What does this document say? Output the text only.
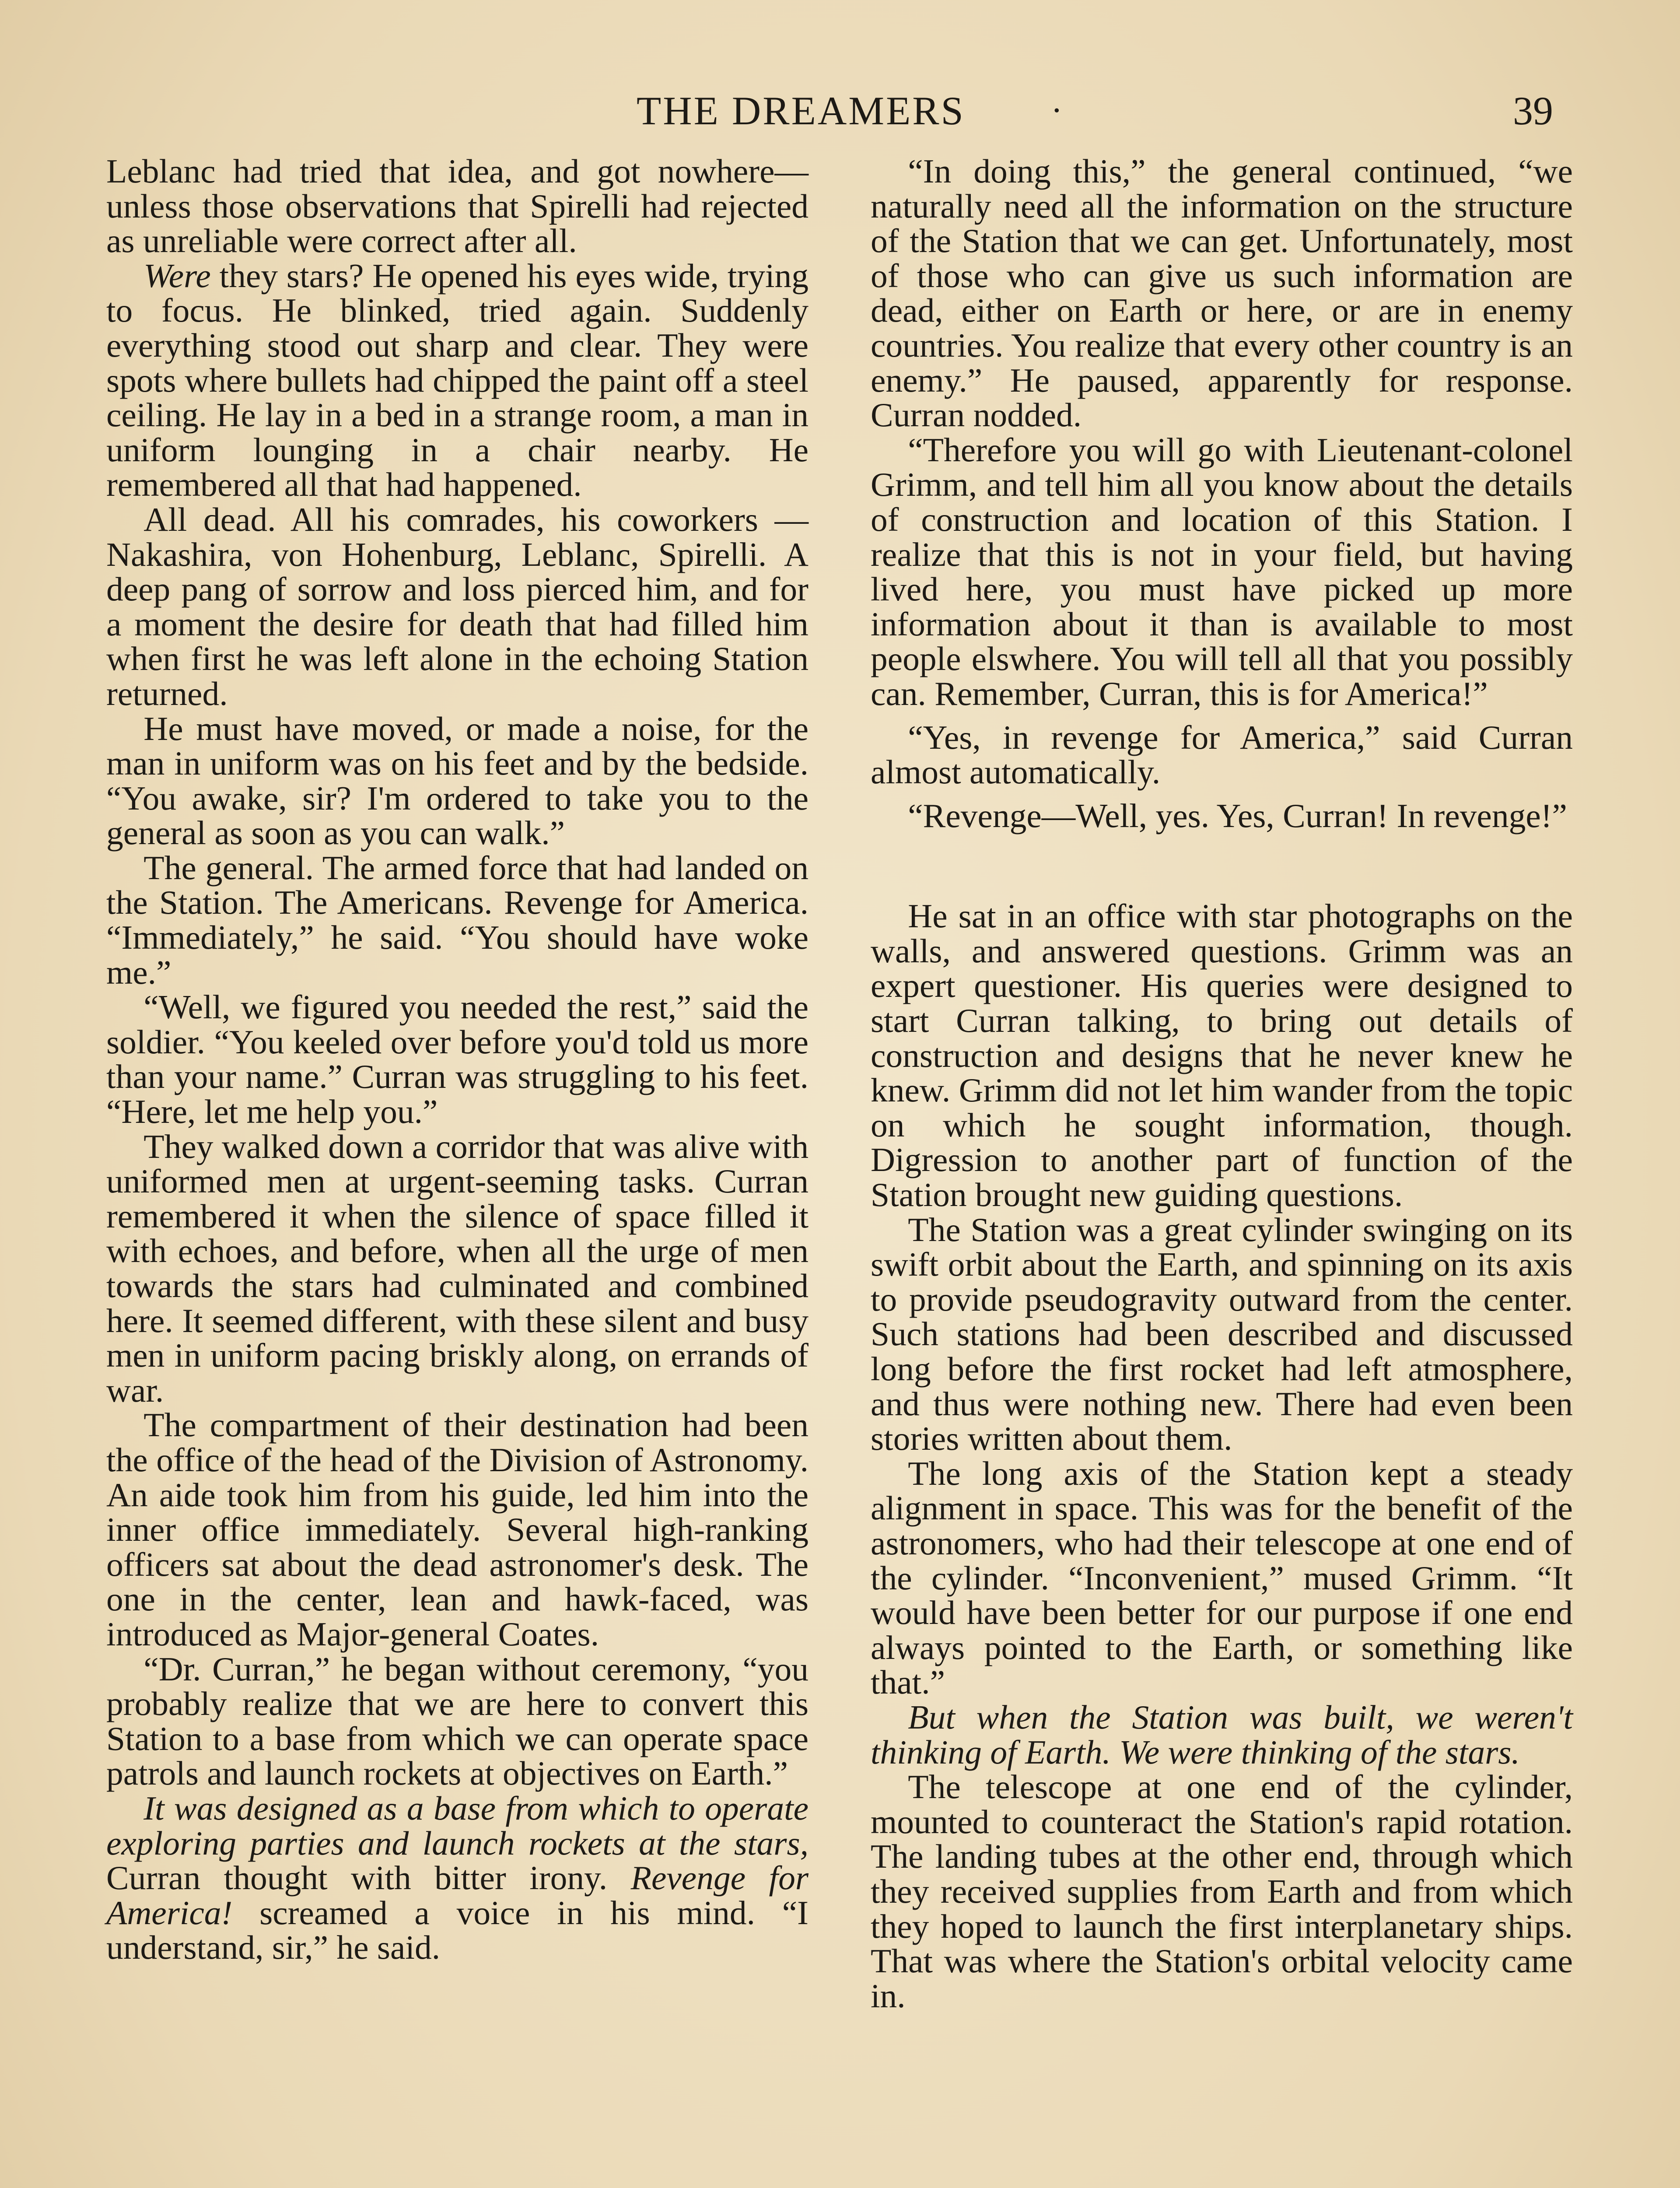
THE DREAMERS ·	39

Leblanc had tried that idea, and got nowhere—unless those observations that Spirelli had rejected as unreliable were correct after all.

Were they stars? He opened his eyes wide, trying to focus. He blinked, tried again. Suddenly everything stood out sharp and clear. They were spots where bullets had chipped the paint off a steel ceiling. He lay in a bed in a strange room, a man in uniform lounging in a chair nearby. He remembered all that had happened.

All dead. All his comrades, his coworkers — Nakashira, von Hohenburg, Leblanc, Spirelli. A deep pang of sorrow and loss pierced him, and for a moment the desire for death that had filled him when first he was left alone in the echoing Station returned.

He must have moved, or made a noise, for the man in uniform was on his feet and by the bedside. “You awake, sir? I'm ordered to take you to the general as soon as you can walk.”

The general. The armed force that had landed on the Station. The Americans. Revenge for America. “Immediately,” he said. “You should have woke me.”

“Well, we figured you needed the rest,” said the soldier. “You keeled over before you'd told us more than your name.” Curran was struggling to his feet. “Here, let me help you.”

They walked down a corridor that was alive with uniformed men at urgent-seeming tasks. Curran remembered it when the silence of space filled it with echoes, and before, when all the urge of men towards the stars had culminated and combined here. It seemed different, with these silent and busy men in uniform pacing briskly along, on errands of war.

The compartment of their destination had been the office of the head of the Division of Astronomy. An aide took him from his guide, led him into the inner office immediately. Several high-ranking officers sat about the dead astronomer's desk. The one in the center, lean and hawk-faced, was introduced as Major-general Coates.

“Dr. Curran,” he began without ceremony, “you probably realize that we are here to convert this Station to a base from which we can operate space patrols and launch rockets at objectives on Earth.”

It was designed as a base from which to operate exploring parties and launch rockets at the stars, Curran thought with bitter irony. Revenge for America! screamed a voice in his mind. “I understand, sir,” he said.

“In doing this,” the general continued, “we naturally need all the information on the structure of the Station that we can get. Unfortunately, most of those who can give us such information are dead, either on Earth or here, or are in enemy countries. You realize that every other country is an enemy.” He paused, apparently for response. Curran nodded.

“Therefore you will go with Lieutenant-colonel Grimm, and tell him all you know about the details of construction and location of this Station. I realize that this is not in your field, but having lived here, you must have picked up more information about it than is available to most people elswhere. You will tell all that you possibly can. Remember, Curran, this is for America!”

“Yes, in revenge for America,” said Curran almost automatically.

“Revenge—Well, yes. Yes, Curran! In revenge!”

He sat in an office with star photographs on the walls, and answered questions. Grimm was an expert questioner. His queries were designed to start Curran talking, to bring out details of construction and designs that he never knew he knew. Grimm did not let him wander from the topic on which he sought information, though. Digression to another part of function of the Station brought new guiding questions.

The Station was a great cylinder swinging on its swift orbit about the Earth, and spinning on its axis to provide pseudogravity outward from the center. Such stations had been described and discussed long before the first rocket had left atmosphere, and thus were nothing new. There had even been stories written about them.

The long axis of the Station kept a steady alignment in space. This was for the benefit of the astronomers, who had their telescope at one end of the cylinder. “Inconvenient,” mused Grimm. “It would have been better for our purpose if one end always pointed to the Earth, or something like that.”

But when the Station was built, we weren't thinking of Earth. We were thinking of the stars.

The telescope at one end of the cylinder, mounted to counteract the Station's rapid rotation. The landing tubes at the other end, through which they received supplies from Earth and from which they hoped to launch the first interplanetary ships. That was where the Station's orbital velocity came in.
